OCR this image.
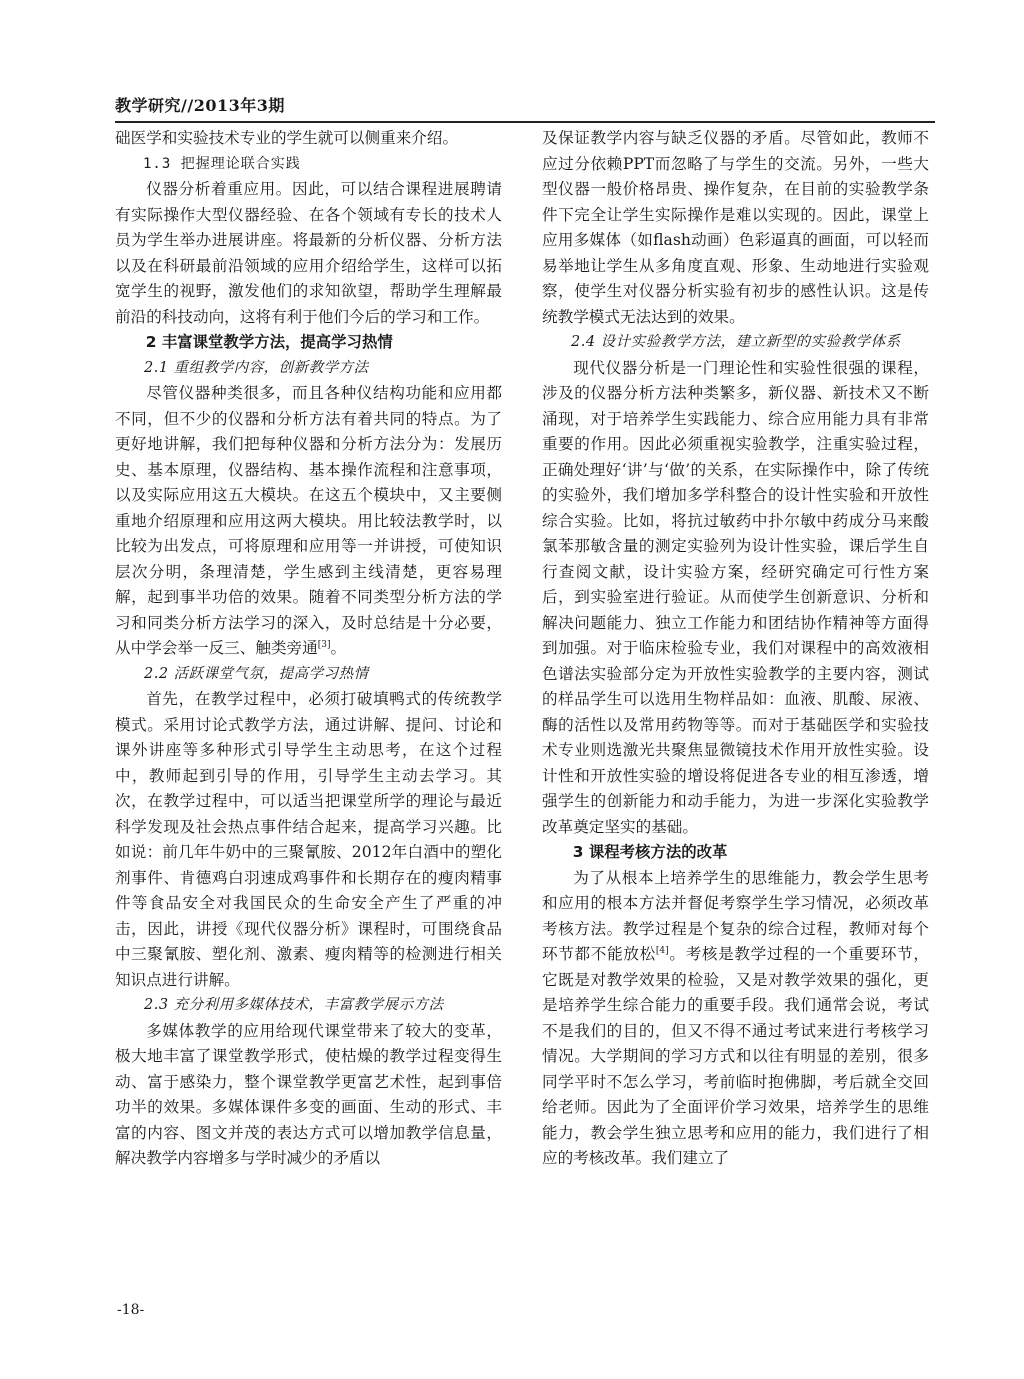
教学研究//2013年3期

础医学和实验技术专业的学生就可以侧重来介绍。

1.3 把握理论联合实践

仪器分析着重应用。因此，可以结合课程进展聘请有实际操作大型仪器经验、在各个领域有专长的技术人员为学生举办进展讲座。将最新的分析仪器、分析方法以及在科研最前沿领域的应用介绍给学生，这样可以拓宽学生的视野，激发他们的求知欲望，帮助学生理解最前沿的科技动向，这将有利于他们今后的学习和工作。

2 丰富课堂教学方法，提高学习热情

2.1 重组教学内容，创新教学方法

尽管仪器种类很多，而且各种仪结构功能和应用都不同，但不少的仪器和分析方法有着共同的特点。为了更好地讲解，我们把每种仪器和分析方法分为：发展历史、基本原理，仪器结构、基本操作流程和注意事项，以及实际应用这五大模块。在这五个模块中，又主要侧重地介绍原理和应用这两大模块。用比较法教学时，以比较为出发点，可将原理和应用等一并讲授，可使知识层次分明，条理清楚，学生感到主线清楚，更容易理解，起到事半功倍的效果。随着不同类型分析方法的学习和同类分析方法学习的深入，及时总结是十分必要，从中学会举一反三、触类旁通[3]。

2.2 活跃课堂气氛，提高学习热情

首先，在教学过程中，必须打破填鸭式的传统教学模式。采用讨论式教学方法，通过讲解、提问、讨论和课外讲座等多种形式引导学生主动思考，在这个过程中，教师起到引导的作用，引导学生主动去学习。其次，在教学过程中，可以适当把课堂所学的理论与最近科学发现及社会热点事件结合起来，提高学习兴趣。比如说：前几年牛奶中的三聚氰胺、2012年白酒中的塑化剂事件、肯德鸡白羽速成鸡事件和长期存在的瘦肉精事件等食品安全对我国民众的生命安全产生了严重的冲击，因此，讲授《现代仪器分析》课程时，可围绕食品中三聚氰胺、塑化剂、激素、瘦肉精等的检测进行相关知识点进行讲解。

2.3 充分利用多媒体技术，丰富教学展示方法

多媒体教学的应用给现代课堂带来了较大的变革，极大地丰富了课堂教学形式，使枯燥的教学过程变得生动、富于感染力，整个课堂教学更富艺术性，起到事倍功半的效果。多媒体课件多变的画面、生动的形式、丰富的内容、图文并茂的表达方式可以增加教学信息量，解决教学内容增多与学时减少的矛盾以

及保证教学内容与缺乏仪器的矛盾。尽管如此，教师不应过分依赖PPT而忽略了与学生的交流。另外，一些大型仪器一般价格昂贵、操作复杂，在目前的实验教学条件下完全让学生实际操作是难以实现的。因此，课堂上应用多媒体（如flash动画）色彩逼真的画面，可以轻而易举地让学生从多角度直观、形象、生动地进行实验观察，使学生对仪器分析实验有初步的感性认识。这是传统教学模式无法达到的效果。

2.4 设计实验教学方法，建立新型的实验教学体系

现代仪器分析是一门理论性和实验性很强的课程，涉及的仪器分析方法种类繁多，新仪器、新技术又不断涌现，对于培养学生实践能力、综合应用能力具有非常重要的作用。因此必须重视实验教学，注重实验过程，正确处理好‘讲’与‘做’的关系，在实际操作中，除了传统的实验外，我们增加多学科整合的设计性实验和开放性综合实验。比如，将抗过敏药中扑尔敏中药成分马来酸氯苯那敏含量的测定实验列为设计性实验，课后学生自行查阅文献，设计实验方案，经研究确定可行性方案后，到实验室进行验证。从而使学生创新意识、分析和解决问题能力、独立工作能力和团结协作精神等方面得到加强。对于临床检验专业，我们对课程中的高效液相色谱法实验部分定为开放性实验教学的主要内容，测试的样品学生可以选用生物样品如：血液、肌酸、尿液、酶的活性以及常用药物等等。而对于基础医学和实验技术专业则选激光共聚焦显微镜技术作用开放性实验。设计性和开放性实验的增设将促进各专业的相互渗透，增强学生的创新能力和动手能力，为进一步深化实验教学改革奠定坚实的基础。

3 课程考核方法的改革

为了从根本上培养学生的思维能力，教会学生思考和应用的根本方法并督促考察学生学习情况，必须改革考核方法。教学过程是个复杂的综合过程，教师对每个环节都不能放松[4]。考核是教学过程的一个重要环节，它既是对教学效果的检验，又是对教学效果的强化，更是培养学生综合能力的重要手段。我们通常会说，考试不是我们的目的，但又不得不通过考试来进行考核学习情况。大学期间的学习方式和以往有明显的差别，很多同学平时不怎么学习，考前临时抱佛脚，考后就全交回给老师。因此为了全面评价学习效果，培养学生的思维能力，教会学生独立思考和应用的能力，我们进行了相应的考核改革。我们建立了

-18-
